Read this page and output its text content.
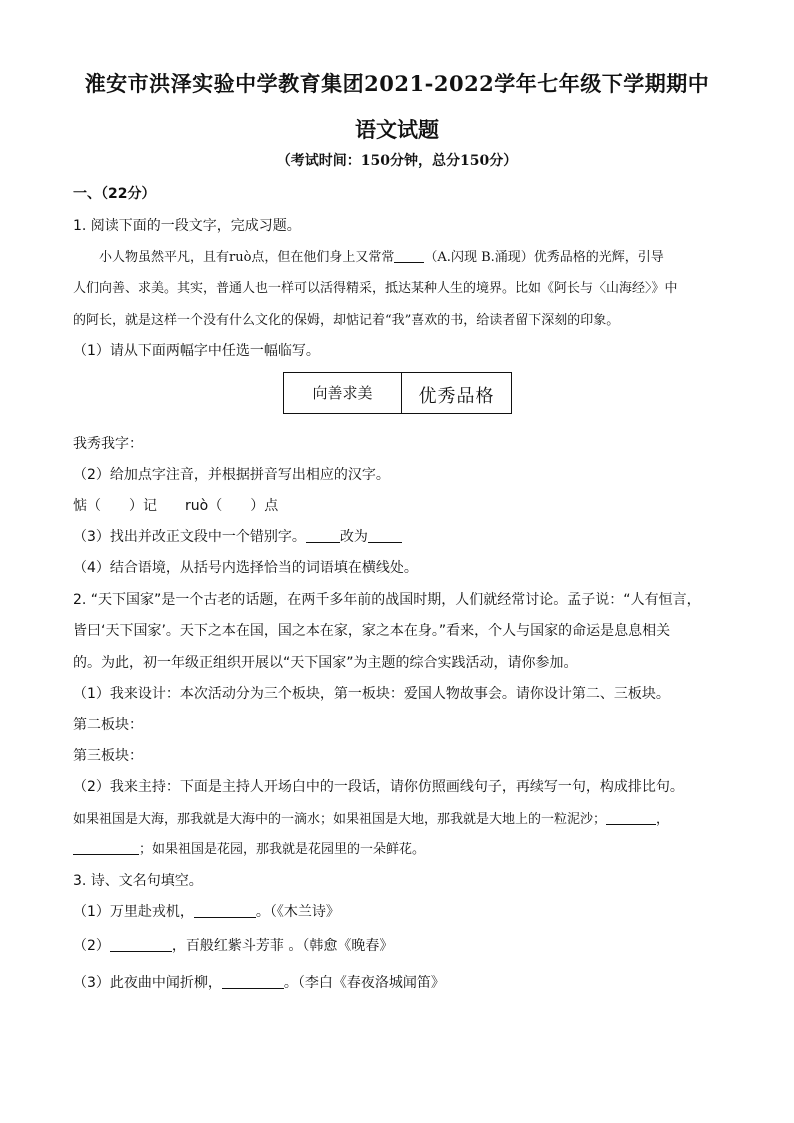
淮安市洪泽实验中学教育集团2021-2022学年七年级下学期期中
语文试题
（考试时间：150分钟，总分150分）
一、（22分）
1. 阅读下面的一段文字，完成习题。
小人物虽然平凡，且有ruò点，但在他们身上又常常 （A.闪现 B.涌现）优秀品格的光辉，引导
人们向善、求美。其实，普通人也一样可以活得精采，抵达某种人生的境界。比如《阿长与〈山海经〉》中
的阿长，就是这样一个没有什么文化的保姆，却惦记着“我”喜欢的书，给读者留下深刻的印象。
（1）请从下面两幅字中任选一幅临写。
向善求美	优秀品格
我秀我字：
（2）给加点字注音，并根据拼音写出相应的汉字。
惦（ ）记 ruò（ ）点
（3）找出并改正文段中一个错别字。 改为
（4）结合语境，从括号内选择恰当的词语填在横线处。
2. “天下国家”是一个古老的话题，在两千多年前的战国时期，人们就经常讨论。孟子说：“人有恒言，
皆曰‘天下国家’。天下之本在国，国之本在家，家之本在身。”看来，个人与国家的命运是息息相关
的。为此，初一年级正组织开展以“天下国家”为主题的综合实践活动，请你参加。
（1）我来设计：本次活动分为三个板块，第一板块：爱国人物故事会。请你设计第二、三板块。
第二板块：
第三板块：
（2）我来主持：下面是主持人开场白中的一段话，请你仿照画线句子，再续写一句，构成排比句。
如果祖国是大海，那我就是大海中的一滴水；如果祖国是大地，那我就是大地上的一粒泥沙；	，
；如果祖国是花园，那我就是花园里的一朵鲜花。
3. 诗、文名句填空。
（1）万里赴戎机，	。（《木兰诗》
（2）	，百般红紫斗芳菲 。（韩愈《晚春》
（3）此夜曲中闻折柳，	。（李白《春夜洛城闻笛》
